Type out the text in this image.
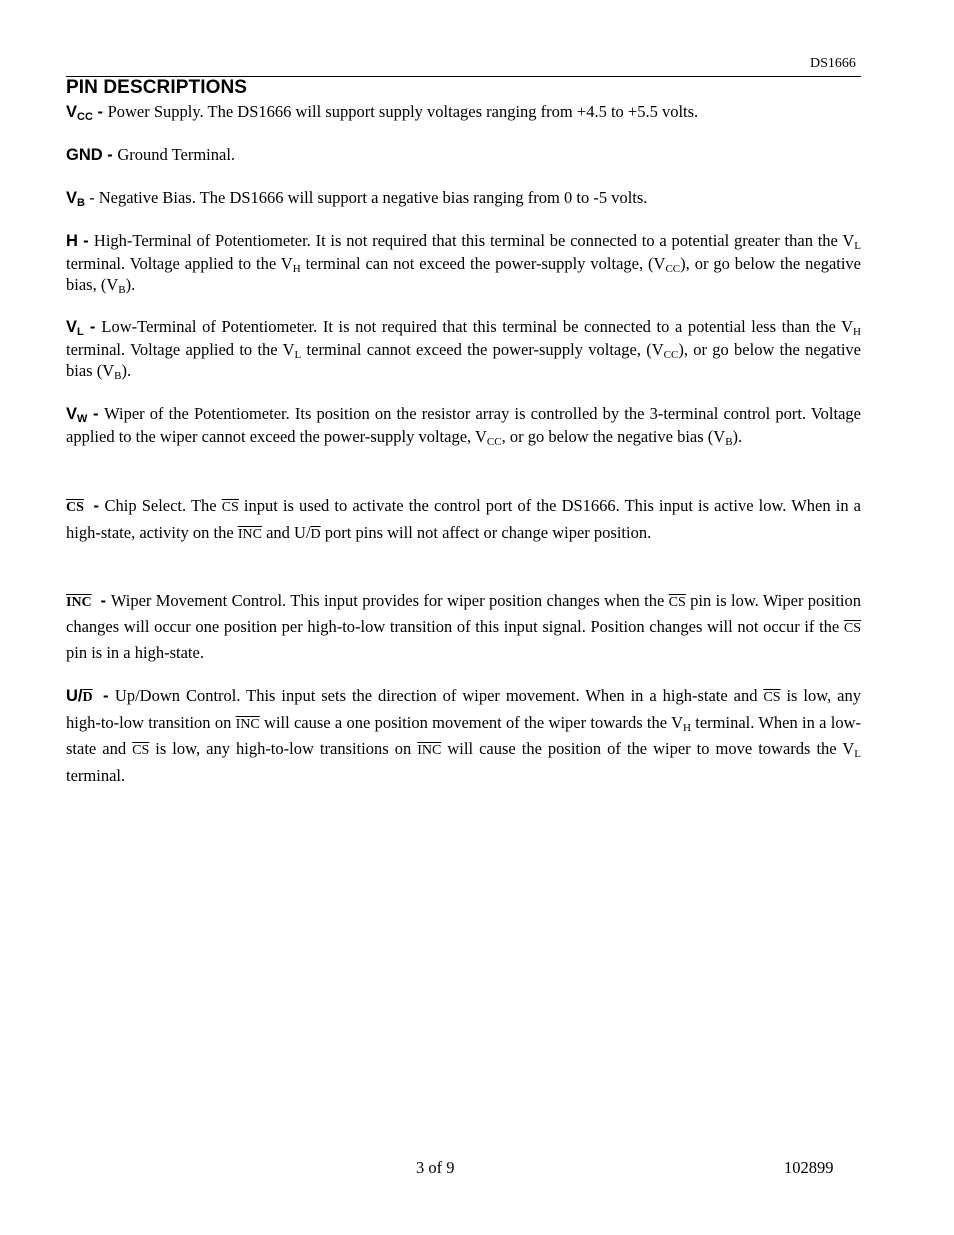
DS1666
PIN DESCRIPTIONS
$V_{CC}$ - Power Supply. The DS1666 will support supply voltages ranging from +4.5 to +5.5 volts.
GND - Ground Terminal.
$V_B$ - Negative Bias. The DS1666 will support a negative bias ranging from 0 to -5 volts.
H - High-Terminal of Potentiometer. It is not required that this terminal be connected to a potential greater than the $V_L$ terminal. Voltage applied to the $V_H$ terminal can not exceed the power-supply voltage, $(V_{CC})$, or go below the negative bias, $(V_B)$.
$V_L$ - Low-Terminal of Potentiometer. It is not required that this terminal be connected to a potential less than the $V_H$ terminal. Voltage applied to the $V_L$ terminal cannot exceed the power-supply voltage, $(V_{CC})$, or go below the negative bias $(V_B)$.
$V_W$ - Wiper of the Potentiometer. Its position on the resistor array is controlled by the 3-terminal control port. Voltage applied to the wiper cannot exceed the power-supply voltage, $V_{CC}$, or go below the negative bias $(V_B)$.
$\overline{CS}$ - Chip Select. The $\overline{CS}$ input is used to activate the control port of the DS1666. This input is active low. When in a high-state, activity on the $\overline{INC}$ and $U/\overline{D}$ port pins will not affect or change wiper position.
$\overline{INC}$ - Wiper Movement Control. This input provides for wiper position changes when the $\overline{CS}$ pin is low. Wiper position changes will occur one position per high-to-low transition of this input signal. Position changes will not occur if the $\overline{CS}$ pin is in a high-state.
$U/\overline{D}$ - Up/Down Control. This input sets the direction of wiper movement. When in a high-state and $\overline{CS}$ is low, any high-to-low transition on $\overline{INC}$ will cause a one position movement of the wiper towards the $V_H$ terminal. When in a low-state and $\overline{CS}$ is low, any high-to-low transitions on $\overline{INC}$ will cause the position of the wiper to move towards the $V_L$ terminal.
3 of 9	102899
